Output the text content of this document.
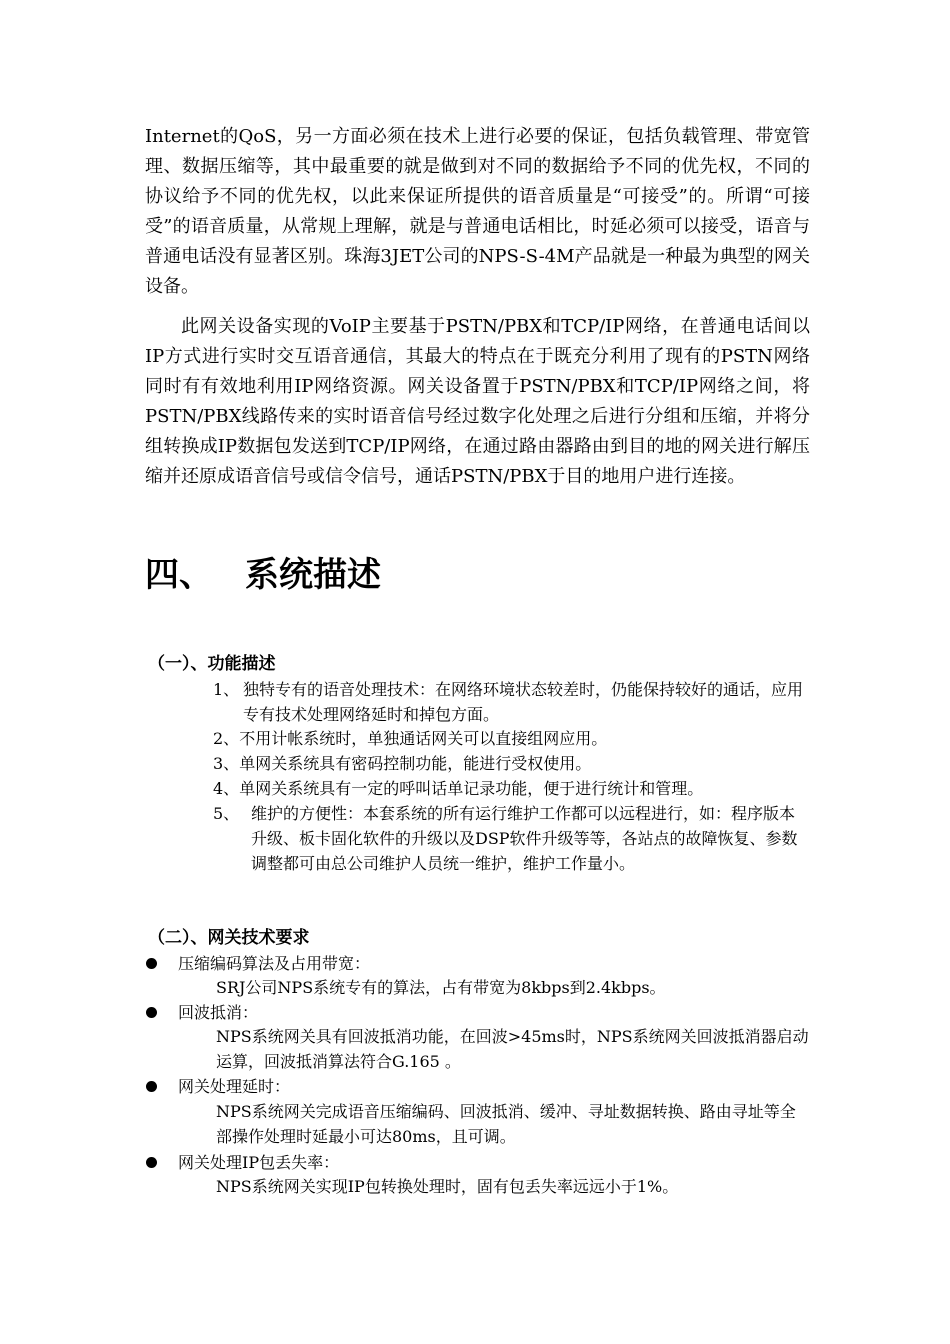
Internet的QoS，另一方面必须在技术上进行必要的保证，包括负载管理、带宽管理、数据压缩等，其中最重要的就是做到对不同的数据给予不同的优先权，不同的协议给予不同的优先权，以此来保证所提供的语音质量是“可接受”的。所谓“可接受”的语音质量，从常规上理解，就是与普通电话相比，时延必须可以接受，语音与普通电话没有显著区别。珠海3JET公司的NPS-S-4M产品就是一种最为典型的网关设备。

此网关设备实现的VoIP主要基于PSTN/PBX和TCP/IP网络，在普通电话间以IP方式进行实时交互语音通信，其最大的特点在于既充分利用了现有的PSTN网络同时有有效地利用IP网络资源。网关设备置于PSTN/PBX和TCP/IP网络之间，将PSTN/PBX线路传来的实时语音信号经过数字化处理之后进行分组和压缩，并将分组转换成IP数据包发送到TCP/IP网络，在通过路由器路由到目的地的网关进行解压缩并还原成语音信号或信令信号，通话PSTN/PBX于目的地用户进行连接。

四、 系统描述
（一）、功能描述
1、 独特专有的语音处理技术：在网络环境状态较差时，仍能保持较好的通话，应用专有技术处理网络延时和掉包方面。
2、不用计帐系统时，单独通话网关可以直接组网应用。
3、单网关系统具有密码控制功能，能进行受权使用。
4、单网关系统具有一定的呼叫话单记录功能，便于进行统计和管理。
5、 维护的方便性：本套系统的所有运行维护工作都可以远程进行，如：程序版本升级、板卡固化软件的升级以及DSP软件升级等等，各站点的故障恢复、参数调整都可由总公司维护人员统一维护，维护工作量小。
（二）、网关技术要求
压缩编码算法及占用带宽：

SRJ公司NPS系统专有的算法，占有带宽为8kbps到2.4kbps。

回波抵消：

NPS系统网关具有回波抵消功能，在回波>45ms时，NPS系统网关回波抵消器启动运算，回波抵消算法符合G.165 。

网关处理延时：

NPS系统网关完成语音压缩编码、回波抵消、缓冲、寻址数据转换、路由寻址等全部操作处理时延最小可达80ms，且可调。

网关处理IP包丢失率：

NPS系统网关实现IP包转换处理时，固有包丢失率远远小于1%。
